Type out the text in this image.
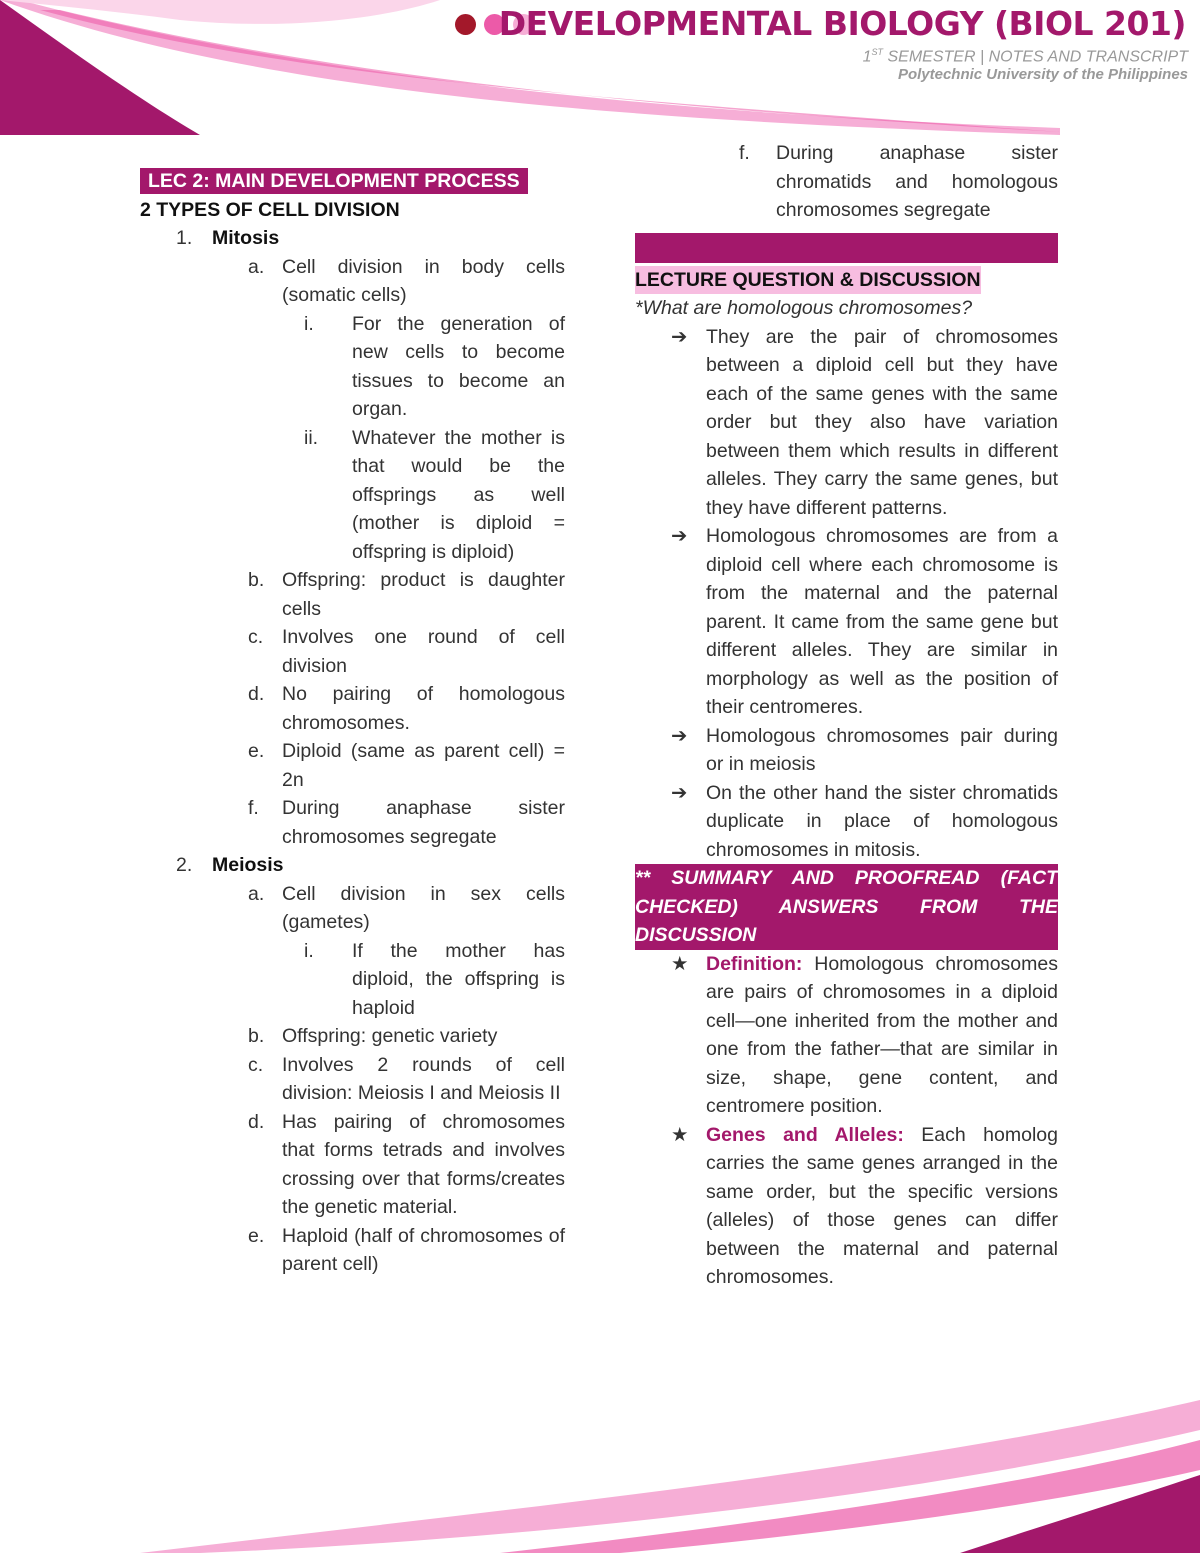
DEVELOPMENTAL BIOLOGY (BIOL 201)
1ST SEMESTER | NOTES AND TRANSCRIPT
Polytechnic University of the Philippines
LEC 2: MAIN DEVELOPMENT PROCESS
2 TYPES OF CELL DIVISION
1.	Mitosis
a. Cell division in body cells (somatic cells)
i.	For the generation of new cells to become tissues to become an organ.
ii.	Whatever the mother is that would be the offsprings as well (mother is diploid = offspring is diploid)
b. Offspring: product is daughter cells
c. Involves one round of cell division
d. No pairing of homologous chromosomes.
e. Diploid (same as parent cell) = 2n
f.	During anaphase sister chromosomes segregate
2.	Meiosis
a. Cell division in sex cells (gametes)
i.	If the mother has diploid, the offspring is haploid
b. Offspring: genetic variety
c. Involves 2 rounds of cell division: Meiosis I and Meiosis II
d. Has pairing of chromosomes that forms tetrads and involves crossing over that forms/creates the genetic material.
e. Haploid (half of chromosomes of parent cell)
f.	During anaphase sister chromatids and homologous chromosomes segregate
LECTURE QUESTION & DISCUSSION
*What are homologous chromosomes?
➔ They are the pair of chromosomes between a diploid cell but they have each of the same genes with the same order but they also have variation between them which results in different alleles. They carry the same genes, but they have different patterns.
➔ Homologous chromosomes are from a diploid cell where each chromosome is from the maternal and the paternal parent. It came from the same gene but different alleles. They are similar in morphology as well as the position of their centromeres.
➔ Homologous chromosomes pair during or in meiosis
➔ On the other hand the sister chromatids duplicate in place of homologous chromosomes in mitosis.
** SUMMARY AND PROOFREAD (FACT CHECKED) ANSWERS FROM THE DISCUSSION
★ Definition: Homologous chromosomes are pairs of chromosomes in a diploid cell—one inherited from the mother and one from the father—that are similar in size, shape, gene content, and centromere position.
★ Genes and Alleles: Each homolog carries the same genes arranged in the same order, but the specific versions (alleles) of those genes can differ between the maternal and paternal chromosomes.
